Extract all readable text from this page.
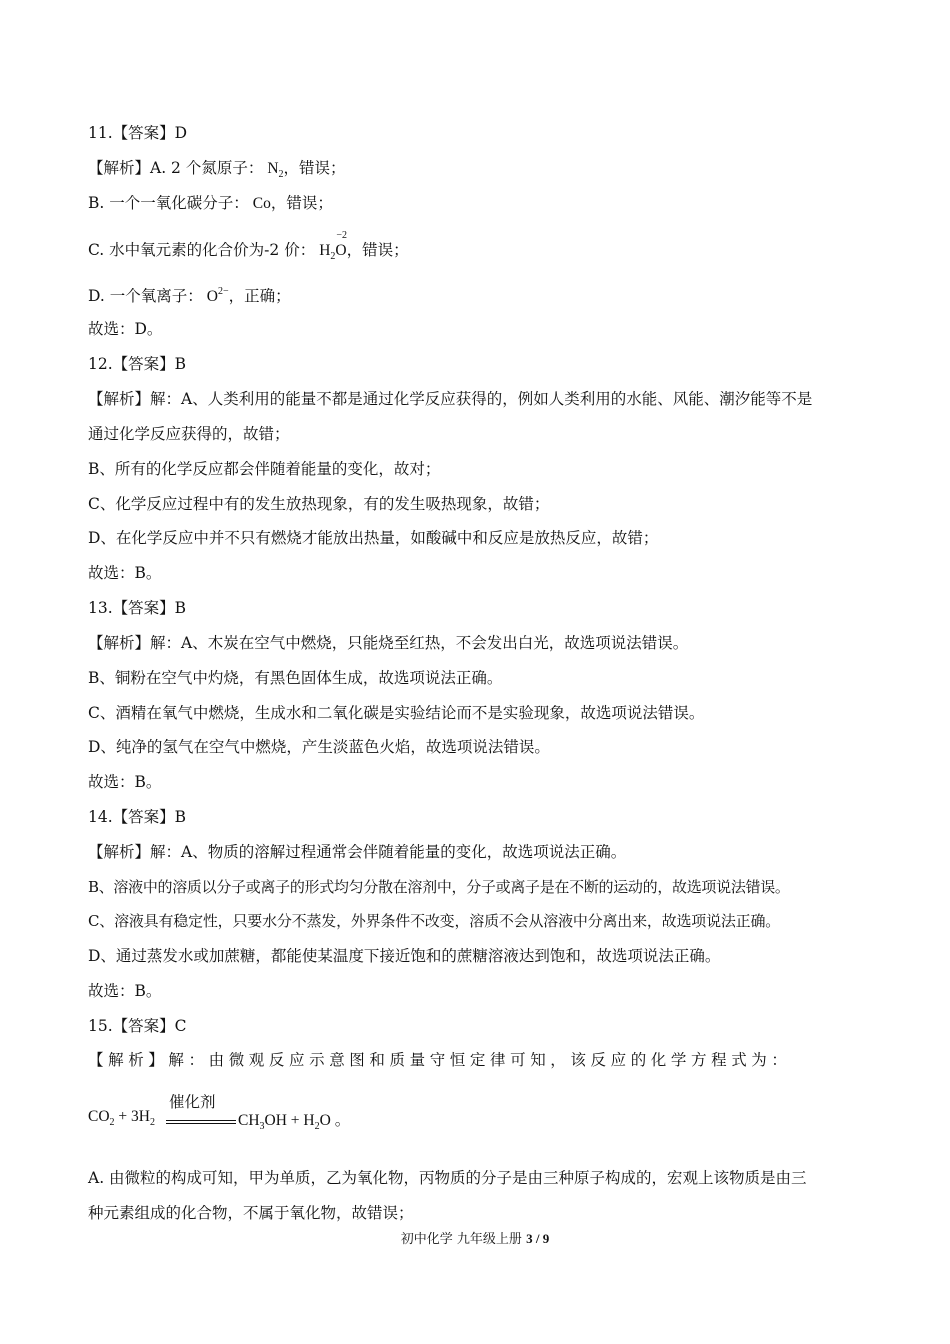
11.【答案】D
【解析】A. 2 个氮原子： $N_2$，错误；
B. 一个一氧化碳分子： Co，错误；
C. 水中氧元素的化合价为-2 价： $H_2$
−2
O，错误；
D. 一个氧离子： $O^{2-}$，正确；
故选：D。
12.【答案】B
【解析】解：A、人类利用的能量不都是通过化学反应获得的，例如人类利用的水能、风能、潮汐能等不是
通过化学反应获得的，故错；
B、所有的化学反应都会伴随着能量的变化，故对；
C、化学反应过程中有的发生放热现象，有的发生吸热现象，故错；
D、在化学反应中并不只有燃烧才能放出热量，如酸碱中和反应是放热反应，故错；
故选：B。
13.【答案】B
【解析】解：A、木炭在空气中燃烧，只能烧至红热，不会发出白光，故选项说法错误。
B、铜粉在空气中灼烧，有黑色固体生成，故选项说法正确。
C、酒精在氧气中燃烧，生成水和二氧化碳是实验结论而不是实验现象，故选项说法错误。
D、纯净的氢气在空气中燃烧，产生淡蓝色火焰，故选项说法错误。
故选：B。
14.【答案】B
【解析】解：A、物质的溶解过程通常会伴随着能量的变化，故选项说法正确。
B、溶液中的溶质以分子或离子的形式均匀分散在溶剂中，分子或离子是在不断的运动的，故选项说法错误。
C、溶液具有稳定性，只要水分不蒸发，外界条件不改变，溶质不会从溶液中分离出来，故选项说法正确。
D、通过蒸发水或加蔗糖，都能使某温度下接近饱和的蔗糖溶液达到饱和，故选项说法正确。
故选：B。
15.【答案】C
【解析】解：由微观反应示意图和质量守恒定律可知，该反应的化学方程式为：
$CO_2 + 3H_2$
催化剂
$CH_3OH + H_2O$ 。
A. 由微粒的构成可知，甲为单质，乙为氧化物，丙物质的分子是由三种原子构成的，宏观上该物质是由三
种元素组成的化合物，不属于氧化物，故错误；
初中化学 九年级上册 3 / 9
